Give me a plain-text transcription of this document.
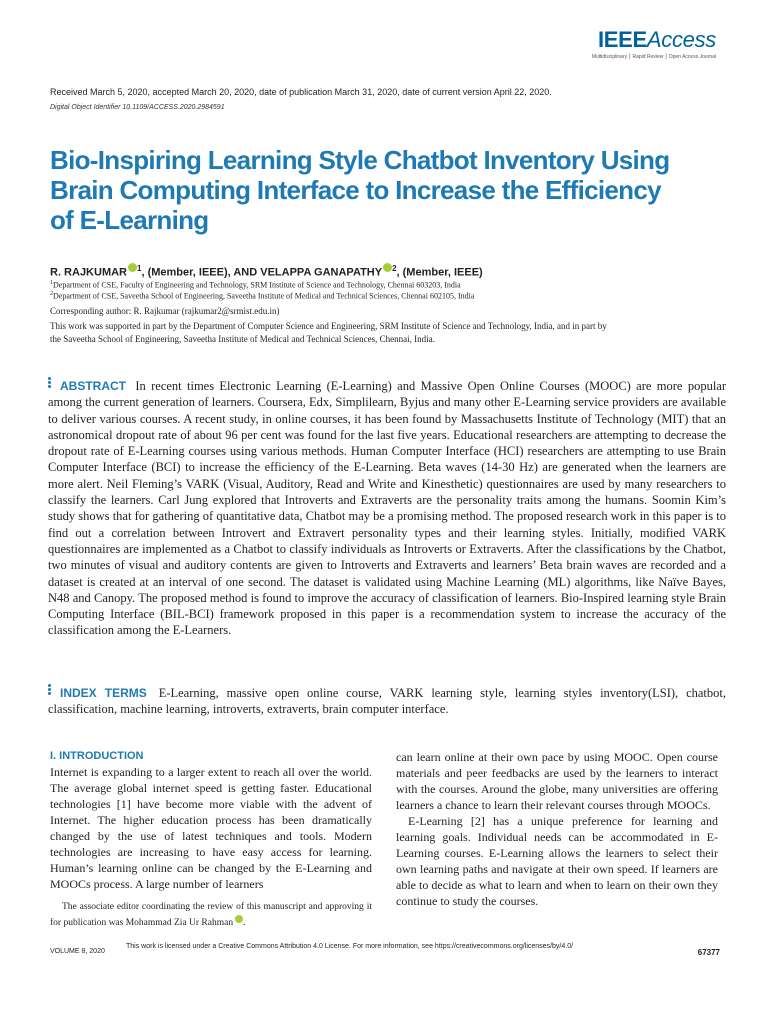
IEEEAccess
Multidisciplinary ⎮ Rapid Review ⎮ Open Access Journal
Received March 5, 2020, accepted March 20, 2020, date of publication March 31, 2020, date of current version April 22, 2020.
Digital Object Identifier 10.1109/ACCESS.2020.2984591
Bio-Inspiring Learning Style Chatbot Inventory Using Brain Computing Interface to Increase the Efficiency of E-Learning
R. RAJKUMAR $^1$, (Member, IEEE), AND VELAPPA GANAPATHY $^2$, (Member, IEEE)
$^1$Department of CSE, Faculty of Engineering and Technology, SRM Institute of Science and Technology, Chennai 603203, India
$^2$Department of CSE, Saveetha School of Engineering, Saveetha Institute of Medical and Technical Sciences, Chennai 602105, India
Corresponding author: R. Rajkumar (rajkumar2@srmist.edu.in)
This work was supported in part by the Department of Computer Science and Engineering, SRM Institute of Science and Technology, India, and in part by the Saveetha School of Engineering, Saveetha Institute of Medical and Technical Sciences, Chennai, India.
ABSTRACT In recent times Electronic Learning (E-Learning) and Massive Open Online Courses (MOOC) are more popular among the current generation of learners. Coursera, Edx, Simplilearn, Byjus and many other E-Learning service providers are available to deliver various courses. A recent study, in online courses, it has been found by Massachusetts Institute of Technology (MIT) that an astronomical dropout rate of about 96 per cent was found for the last five years. Educational researchers are attempting to decrease the dropout rate of E-Learning courses using various methods. Human Computer Interface (HCI) researchers are attempting to use Brain Computer Interface (BCI) to increase the efficiency of the E-Learning. Beta waves (14-30 Hz) are generated when the learners are more alert. Neil Fleming’s VARK (Visual, Auditory, Read and Write and Kinesthetic) questionnaires are used by many researchers to classify the learners. Carl Jung explored that Introverts and Extraverts are the personality traits among the humans. Soomin Kim’s study shows that for gathering of quantitative data, Chatbot may be a promising method. The proposed research work in this paper is to find out a correlation between Introvert and Extravert personality types and their learning styles. Initially, modified VARK questionnaires are implemented as a Chatbot to classify individuals as Introverts or Extraverts. After the classifications by the Chatbot, two minutes of visual and auditory contents are given to Introverts and Extraverts and learners’ Beta brain waves are recorded and a dataset is created at an interval of one second. The dataset is validated using Machine Learning (ML) algorithms, like Naïve Bayes, N48 and Canopy. The proposed method is found to improve the accuracy of classification of learners. Bio-Inspired learning style Brain Computing Interface (BIL-BCI) framework proposed in this paper is a recommendation system to increase the accuracy of the classification among the E-Learners.
INDEX TERMS E-Learning, massive open online course, VARK learning style, learning styles inventory(LSI), chatbot, classification, machine learning, introverts, extraverts, brain computer interface.
I. INTRODUCTION

Internet is expanding to a larger extent to reach all over the world. The average global internet speed is getting faster. Educational technologies [1] have become more viable with the advent of Internet. The higher education process has been dramatically changed by the use of latest techniques and tools. Modern technologies are increasing to have easy access for learning. Human’s learning online can be changed by the E-Learning and MOOCs process. A large number of learners

The associate editor coordinating the review of this manuscript and approving it for publication was Mohammad Zia Ur Rahman .

can learn online at their own pace by using MOOC. Open course materials and peer feedbacks are used by the learners to interact with the courses. Around the globe, many universities are offering learners a chance to learn their relevant courses through MOOCs.

E-Learning [2] has a unique preference for learning and learning goals. Individual needs can be accommodated in E-Learning courses. E-Learning allows the learners to select their own learning paths and navigate at their own speed. If learners are able to decide as what to learn and when to learn on their own they continue to study the courses.

VOLUME 8, 2020
This work is licensed under a Creative Commons Attribution 4.0 License. For more information, see https://creativecommons.org/licenses/by/4.0/
67377
